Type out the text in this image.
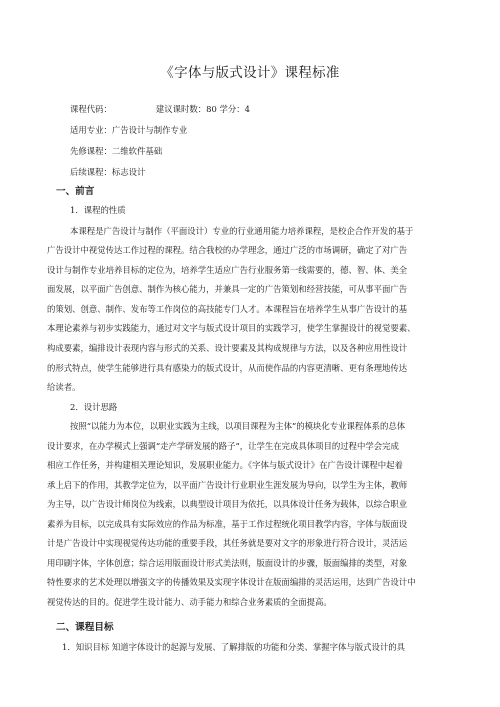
《字体与版式设计》课程标准
课程代码：	建议课时数：80 学分：4
适用专业：广告设计与制作专业
先修课程：二维软件基础
后续课程：标志设计
一、前言
1．课程的性质
本课程是广告设计与制作（平面设计）专业的行业通用能力培养课程，是校企合作开发的基于
广告设计中视觉传达工作过程的课程。结合我校的办学理念，通过广泛的市场调研，确定了对广告
设计与制作专业培养目标的定位为，培养学生适应广告行业服务第一线需要的，德、智、体、美全
面发展，以平面广告创意、制作为核心能力，并兼具一定的广告策划和经营技能，可从事平面广告
的策划、创意、制作、发布等工作岗位的高技能专门人才。本课程旨在培养学生从事广告设计的基
本理论素养与初步实践能力，通过对文字与版式设计项目的实践学习，使学生掌握设计的视觉要素、
构成要素，编排设计表现内容与形式的关系、设计要素及其构成规律与方法，以及各种应用性设计
的形式特点，使学生能够进行具有感染力的版式设计，从而使作品的内容更清晰、更有条理地传达
给读者。
2．设计思路
按照“以能力为本位，以职业实践为主线，以项目课程为主体”的模块化专业课程体系的总体
设计要求，在办学模式上强调“走产学研发展的路子”，让学生在完成具体项目的过程中学会完成
相应工作任务，并构建相关理论知识，发展职业能力。《字体与版式设计》在广告设计课程中起着
承上启下的作用，其教学定位为，以平面广告设计行业职业生涯发展为导向，以学生为主体，教师
为主导，以广告设计师岗位为线索，以典型设计项目为依托，以具体设计任务为载体，以综合职业
素养为目标，以完成具有实际效应的作品为标准，基于工作过程统化项目教学内容，字体与版面设
计是广告设计中实现视觉传达功能的重要手段，其任务就是要对文字的形象进行符合设计，灵活运
用印刷字体，字体创意；综合运用版面设计形式美法则，版面设计的步骤，版面编排的类型，对象
特性要求的艺术处理以增强文字的传播效果及实现字体设计在版面编排的灵活运用，达到广告设计中
视觉传达的目的。促进学生设计能力、动手能力和综合业务素质的全面提高。
二、课程目标
1．知识目标 知道字体设计的起源与发展、了解排版的功能和分类、掌握字体与版式设计的具
